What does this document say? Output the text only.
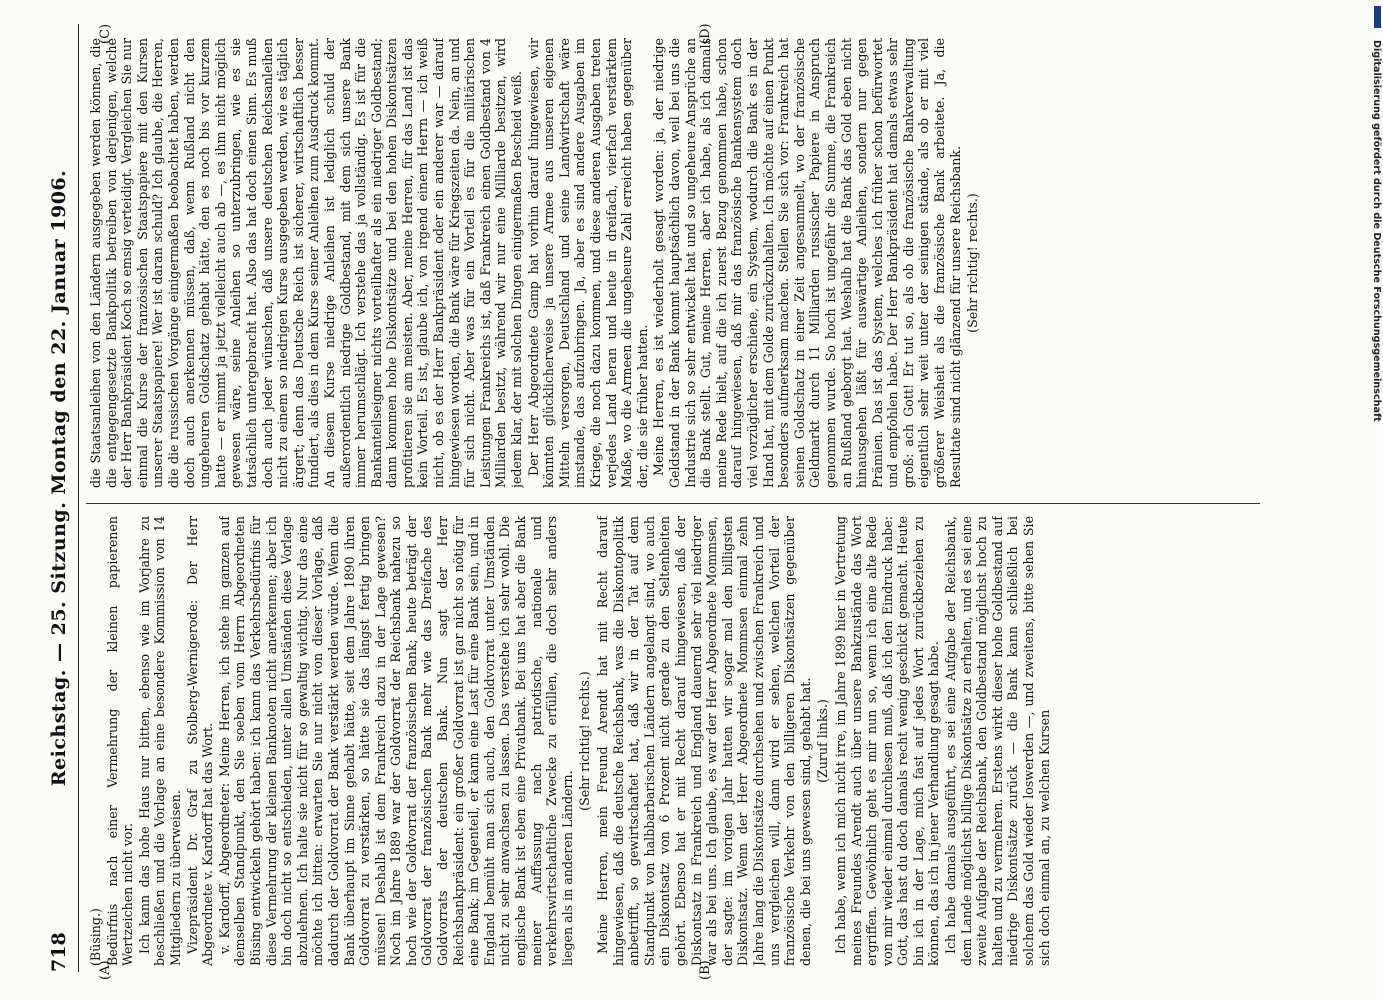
718
Reichstag. — 25. Sitzung. Montag den 22. Januar 1906.
(A)	(B)
(C)	(D)

(Büsing.) Bedürfnis nach einer Vermehrung der kleinen papierenen Wertzeichen nicht vor. Ich kann das hohe Haus nur bitten, ebenso wie im Vorjahre zu beschließen und die Vorlage an eine besondere Kommission von 14 Mitgliedern zu überweisen. Vizepräsident Dr. Graf zu Stolberg-Wernigerode: Der Herr Abgeordnete v. Kardorff hat das Wort. v. Kardorff, Abgeordneter: Meine Herren, ich stehe im ganzen auf demselben Standpunkt, den Sie soeben vom Herrn Abgeordneten Büsing entwickeln gehört haben: ich kann das Verkehrsbedürfnis für diese Vermehrung der kleinen Banknoten nicht anerkennen; aber ich bin doch nicht so entschieden, unter allen Umständen diese Vorlage abzulehnen. Ich halte sie nicht für so gewaltig wichtig. Nur das eine möchte ich bitten: erwarten Sie nur nicht von dieser Vorlage, daß dadurch der Goldvorrat der Bank verstärkt werden würde. Wenn die Bank überhaupt im Sinne gehabt hätte, seit dem Jahre 1890 ihren Goldvorrat zu verstärken, so hätte sie das längst fertig bringen müssen! Deshalb ist dem Frankreich dazu in der Lage gewesen? Noch im Jahre 1889 war der Goldvorrat der Reichsbank nahezu so hoch wie der Goldvorrat der französischen Bank; heute beträgt der Goldvorrat der französischen Bank mehr wie das Dreifache des Goldvorrats der deutschen Bank. Nun sagt der Herr Reichsbankpräsident: ein großer Goldvorrat ist gar nicht so nötig für eine Bank; im Gegenteil, er kann eine Last für eine Bank sein, und in England bemüht man sich auch, den Goldvorrat unter Umständen nicht zu sehr anwachsen zu lassen. Das verstehe ich sehr wohl. Die englische Bank ist eben eine Privatbank. Bei uns hat aber die Bank meiner Auffassung nach patriotische, nationale und verkehrswirtschaftliche Zwecke zu erfüllen, die doch sehr anders liegen als in anderen Ländern.

(Sehr richtig! rechts.) Meine Herren, mein Freund Arendt hat mit Recht darauf hingewiesen, daß die deutsche Reichsbank, was die Diskontopolitik anbetrifft, so gewirtschaftet hat, daß wir in der Tat auf dem Standpunkt von halbbarbarischen Ländern angelangt sind, wo auch ein Diskontsatz von 6 Prozent nicht gerade zu den Seltenheiten gehört. Ebenso hat er mit Recht darauf hingewiesen, daß der Diskontsatz in Frankreich und England dauernd sehr viel niedriger war als bei uns. Ich glaube, es war der Herr Abgeordnete Mommsen, der sagte: im vorigen Jahr hatten wir sogar mal den billigsten Diskontsatz. Wenn der Herr Abgeordnete Mommsen einmal zehn Jahre lang die Diskontsätze durchsehen und zwischen Frankreich und uns vergleichen will, dann wird er sehen, welchen Vorteil der französische Verkehr von den billigeren Diskontsätzen gegenüber denen, die bei uns gewesen sind, gehabt hat. (Zuruf links.) Ich habe, wenn ich mich nicht irre, im Jahre 1899 hier in Vertretung meines Freundes Arendt auch über unsere Bankzustände das Wort ergriffen. Gewöhnlich geht es mir nun so, wenn ich eine alte Rede von mir wieder einmal durchlesen muß, daß ich den Eindruck habe: Gott, das hast du doch damals recht wenig geschickt gemacht. Heute bin ich in der Lage, mich fast auf jedes Wort zurückbeziehen zu können, das ich in jener Verhandlung gesagt habe. Ich habe damals ausgeführt, es sei eine Aufgabe der Reichsbank, dem Lande möglichst billige Diskontsätze zu erhalten, und es sei eine zweite Aufgabe der Reichsbank, den Goldbestand möglichst hoch zu halten und zu vermehren. Erstens wirkt dieser hohe Goldbestand auf niedrige Diskontsätze zurück — die Bank kann schließlich bei solchem das Gold wieder loswerden —, und zweitens, bitte sehen Sie sich doch einmal an, zu welchen Kursen

die Staatsanleihen von den Ländern ausgegeben werden können, die die entgegengesetzte Bankpolitik betreiben von derjenigen, welche der Herr Bankpräsident Koch so emsig verteidigt. Vergleichen Sie nur einmal die Kurse der französischen Staatspapiere mit den Kursen unserer Staatspapiere! Wer ist daran schuld? Ich glaube, die Herren, die die russischen Vorgänge einigermaßen beobachtet haben, werden doch auch anerkennen müssen, daß, wenn Rußland nicht den ungeheuren Goldschatz gehabt hätte, den es noch bis vor kurzem hatte — er nimmt ja jetzt vielleicht auch ab —, es ihm nicht möglich gewesen wäre, seine Anleihen so unterzubringen, wie es sie tatsächlich untergebracht hat. Also das hat doch einen Sinn. Es muß doch auch jeder wünschen, daß unsere deutschen Reichsanleihen nicht zu einem so niedrigen Kurse ausgegeben werden, wie es täglich ärgert; denn das Deutsche Reich ist sicherer, wirtschaftlich besser fundiert, als dies in dem Kurse seiner Anleihen zum Ausdruck kommt. An diesem Kurse niedrige Anleihen ist lediglich schuld der außerordentlich niedrige Goldbestand, mit dem sich unsere Bank immer herumschlägt. Ich verstehe das ja vollständig. Es ist für die Bankanteilseigner nichts vorteilhafter als ein niedriger Goldbestand; dann kommen hohe Diskontsätze und bei den hohen Diskontsätzen profitieren sie am meisten. Aber, meine Herren, für das Land ist das kein Vorteil. Es ist, glaube ich, von irgend einem Herrn — ich weiß nicht, ob es der Herr Bankpräsident oder ein anderer war — darauf hingewiesen worden, die Bank wäre für Kriegszeiten da. Nein, an und für sich nicht. Aber was für ein Vorteil es für die militärischen Leistungen Frankreichs ist, daß Frankreich einen Goldbestand von 4 Milliarden besitzt, während wir nur eine Milliarde besitzen, wird jedem klar, der mit solchen Dingen einigermaßen Bescheid weiß. Der Herr Abgeordnete Gamp hat vorhin darauf hingewiesen, wir könnten glücklicherweise ja unsere Armee aus unseren eigenen Mitteln versorgen, Deutschland und seine Landwirtschaft wäre imstande, das aufzubringen. Ja, aber es sind andere Ausgaben im Kriege, die noch dazu kommen, und diese anderen Ausgaben treten verjedes Land heran und heute in dreifach, vierfach verstärktem Maße, wo die Armeen die ungeheure Zahl erreicht haben gegenüber der, die sie früher hatten. Meine Herren, es ist wiederholt gesagt worden: ja, der niedrige Geldstand in der Bank kommt hauptsächlich davon, weil bei uns die Industrie sich so sehr entwickelt hat und so ungeheure Ansprüche an die Bank stellt. Gut, meine Herren, aber ich habe, als ich damals meine Rede hielt, auf die ich zuerst Bezug genommen habe, schon darauf hingewiesen, daß mir das französische Bankensystem doch viel vorzüglicher erschiene, ein System, wodurch die Bank es in der Hand hat, mit dem Golde zurückzuhalten. Ich möchte auf einen Punkt besonders aufmerksam machen. Stellen Sie sich vor: Frankreich hat seinen Goldschatz in einer Zeit angesammelt, wo der französische Geldmarkt durch 11 Milliarden russischer Papiere in Anspruch genommen wurde. So hoch ist ungefähr die Summe, die Frankreich an Rußland geborgt hat. Weshalb hat die Bank das Gold eben nicht hinausgehen läßt für auswärtige Anleihen, sondern nur gegen Prämien. Das ist das System, welches ich früher schon befürwortet und empfohlen habe. Der Herr Bankpräsident hat damals etwas sehr groß: ach Gott! Er tut so, als ob die französische Bankverwaltung eigentlich sehr weit unter der seinigen stände, als ob er mit viel größerer Weisheit als die französische Bank arbeitete. Ja, die Resultate sind nicht glänzend für unsere Reichsbank. (Sehr richtig! rechts.)	Digitalisierung gefördert durch die Deutsche Forschungsgemeinschaft
